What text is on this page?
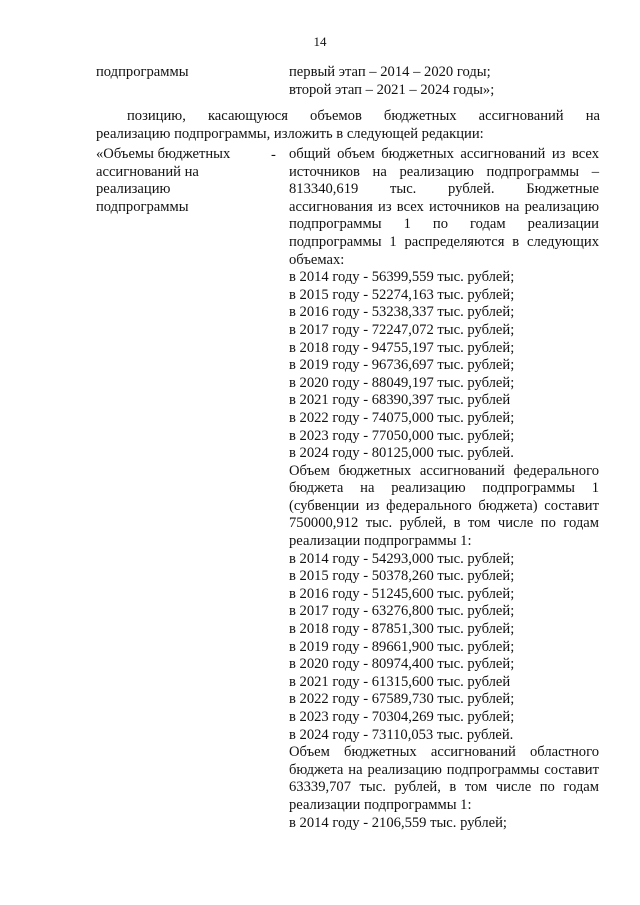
14
подпрограммы	первый этап – 2014 – 2020 годы;
второй этап – 2021 – 2024 годы»;
позицию, касающуюся объемов бюджетных ассигнований на
реализацию подпрограммы, изложить в следующей редакции:
«Объемы бюджетных
ассигнований на
реализацию
подпрограммы
- общий объем бюджетных ассигнований из всех источников на реализацию подпрограммы – 813340,619 тыс. рублей. Бюджетные ассигнования из всех источников на реализацию подпрограммы 1 по годам реализации подпрограммы 1 распределяются в следующих объемах:

в 2014 году - 56399,559 тыс. рублей;

в 2015 году - 52274,163 тыс. рублей;

в 2016 году - 53238,337 тыс. рублей;

в 2017 году - 72247,072 тыс. рублей;

в 2018 году - 94755,197 тыс. рублей;

в 2019 году - 96736,697 тыс. рублей;

в 2020 году - 88049,197 тыс. рублей;

в 2021 году - 68390,397 тыс. рублей

в 2022 году - 74075,000 тыс. рублей;

в 2023 году - 77050,000 тыс. рублей;

в 2024 году - 80125,000 тыс. рублей.

Объем бюджетных ассигнований федерального бюджета на реализацию подпрограммы 1 (субвенции из федерального бюджета) составит 750000,912 тыс. рублей, в том числе по годам реализации подпрограммы 1:

в 2014 году - 54293,000 тыс. рублей;

в 2015 году - 50378,260 тыс. рублей;

в 2016 году - 51245,600 тыс. рублей;

в 2017 году - 63276,800 тыс. рублей;

в 2018 году - 87851,300 тыс. рублей;

в 2019 году - 89661,900 тыс. рублей;

в 2020 году - 80974,400 тыс. рублей;

в 2021 году - 61315,600 тыс. рублей

в 2022 году - 67589,730 тыс. рублей;

в 2023 году - 70304,269 тыс. рублей;

в 2024 году - 73110,053 тыс. рублей.

Объем бюджетных ассигнований областного бюджета на реализацию подпрограммы составит 63339,707 тыс. рублей, в том числе по годам реализации подпрограммы 1:

в 2014 году - 2106,559 тыс. рублей;
